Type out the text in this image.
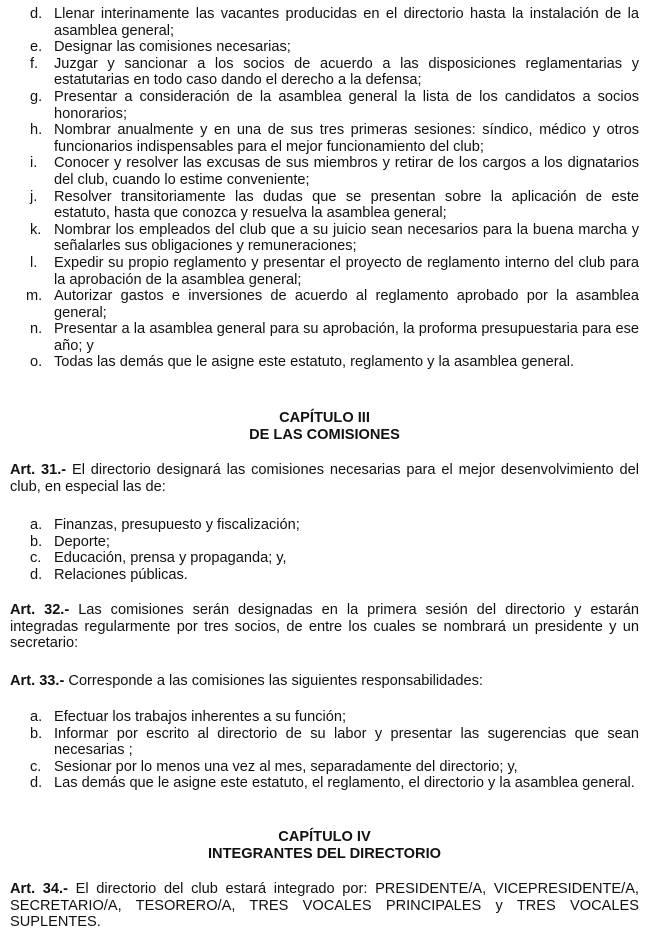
d. Llenar interinamente las vacantes producidas en el directorio hasta la instalación de la asamblea general;
e. Designar las comisiones necesarias;
f. Juzgar y sancionar a los socios de acuerdo a las disposiciones reglamentarias y estatutarias en todo caso dando el derecho a la defensa;
g. Presentar a consideración de la asamblea general la lista de los candidatos a socios honorarios;
h. Nombrar anualmente y en una de sus tres primeras sesiones: síndico, médico y otros funcionarios indispensables para el mejor funcionamiento del club;
i. Conocer y resolver las excusas de sus miembros y retirar de los cargos a los dignatarios del club, cuando lo estime conveniente;
j. Resolver transitoriamente las dudas que se presentan sobre la aplicación de este estatuto, hasta que conozca y resuelva la asamblea general;
k. Nombrar los empleados del club que a su juicio sean necesarios para la buena marcha y señalarles sus obligaciones y remuneraciones;
l. Expedir su propio reglamento y presentar el proyecto de reglamento interno del club para la aprobación de la asamblea general;
m. Autorizar gastos e inversiones de acuerdo al reglamento aprobado por la asamblea general;
n. Presentar a la asamblea general para su aprobación, la proforma presupuestaria para ese año; y
o. Todas las demás que le asigne este estatuto, reglamento y la asamblea general.
CAPÍTULO III
DE LAS COMISIONES
Art. 31.- El directorio designará las comisiones necesarias para el mejor desenvolvimiento del club, en especial las de:
a. Finanzas, presupuesto y fiscalización;
b. Deporte;
c. Educación, prensa y propaganda; y,
d. Relaciones públicas.
Art. 32.- Las comisiones serán designadas en la primera sesión del directorio y estarán integradas regularmente por tres socios, de entre los cuales se nombrará un presidente y un secretario:
Art. 33.- Corresponde a las comisiones las siguientes responsabilidades:
a. Efectuar los trabajos inherentes a su función;
b. Informar por escrito al directorio de su labor y presentar las sugerencias que sean necesarias ;
c. Sesionar por lo menos una vez al mes, separadamente del directorio; y,
d. Las demás que le asigne este estatuto, el reglamento, el directorio y la asamblea general.
CAPÍTULO IV
INTEGRANTES DEL DIRECTORIO
Art. 34.- El directorio del club estará integrado por: PRESIDENTE/A, VICEPRESIDENTE/A, SECRETARIO/A, TESORERO/A, TRES VOCALES PRINCIPALES y TRES VOCALES SUPLENTES.
